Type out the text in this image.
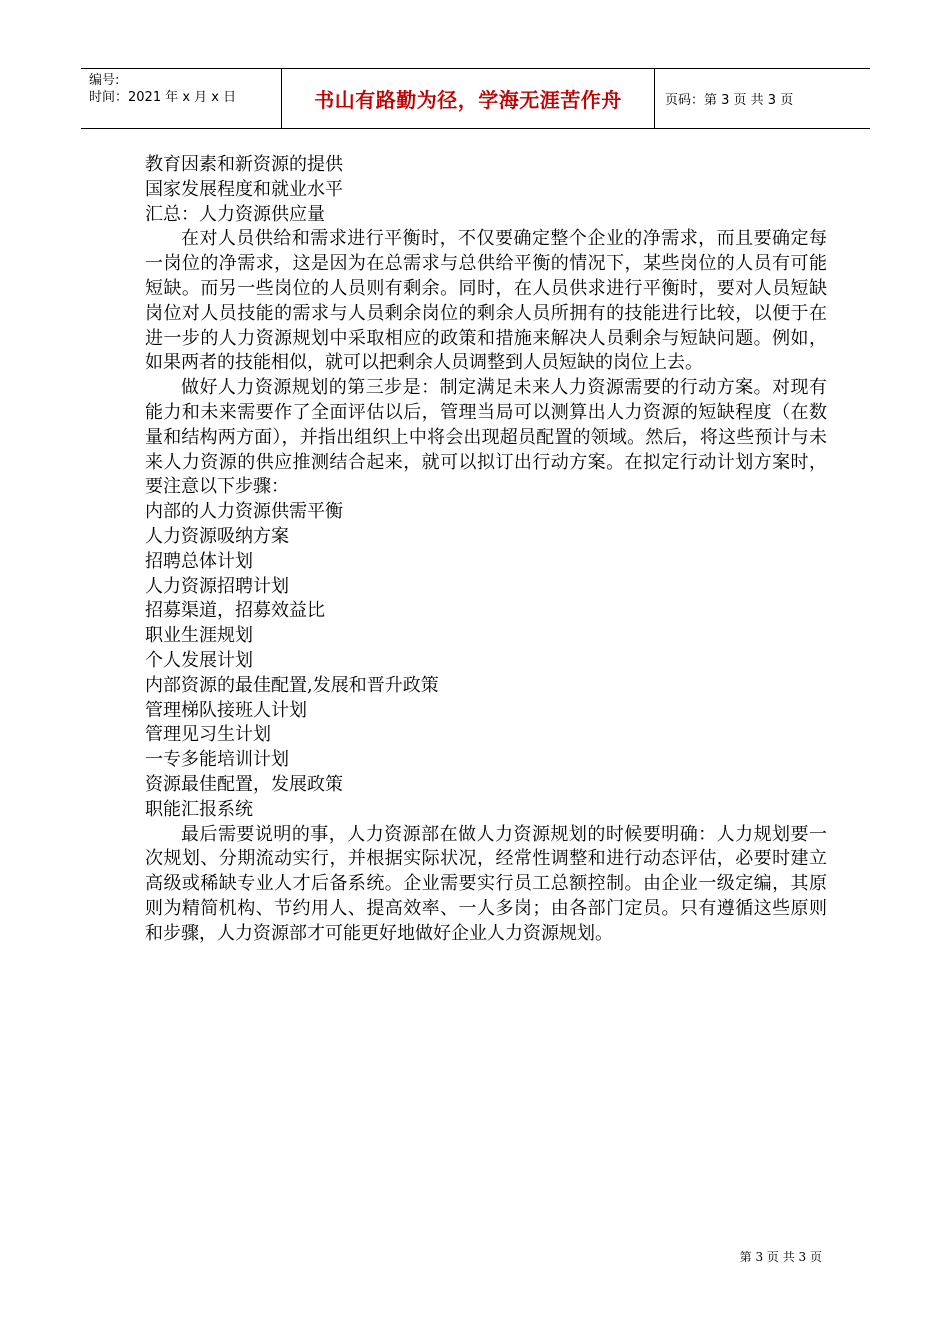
编号:
时间：2021 年 x 月 x 日	书山有路勤为径，学海无涯苦作舟	页码：第 3 页 共 3 页

教育因素和新资源的提供

国家发展程度和就业水平

汇总：人力资源供应量

在对人员供给和需求进行平衡时，不仅要确定整个企业的净需求，而且要确定每一岗位的净需求，这是因为在总需求与总供给平衡的情况下，某些岗位的人员有可能短缺。而另一些岗位的人员则有剩余。同时，在人员供求进行平衡时，要对人员短缺岗位对人员技能的需求与人员剩余岗位的剩余人员所拥有的技能进行比较，以便于在进一步的人力资源规划中采取相应的政策和措施来解决人员剩余与短缺问题。例如，如果两者的技能相似，就可以把剩余人员调整到人员短缺的岗位上去。

做好人力资源规划的第三步是：制定满足未来人力资源需要的行动方案。对现有能力和未来需要作了全面评估以后，管理当局可以测算出人力资源的短缺程度（在数量和结构两方面），并指出组织上中将会出现超员配置的领域。然后，将这些预计与未来人力资源的供应推测结合起来，就可以拟订出行动方案。在拟定行动计划方案时，要注意以下步骤：

内部的人力资源供需平衡

人力资源吸纳方案

招聘总体计划

人力资源招聘计划

招募渠道，招募效益比

职业生涯规划

个人发展计划

内部资源的最佳配置,发展和晋升政策

管理梯队接班人计划

管理见习生计划

一专多能培训计划

资源最佳配置，发展政策

职能汇报系统

最后需要说明的事，人力资源部在做人力资源规划的时候要明确：人力规划要一次规划、分期流动实行，并根据实际状况，经常性调整和进行动态评估，必要时建立高级或稀缺专业人才后备系统。企业需要实行员工总额控制。由企业一级定编，其原则为精简机构、节约用人、提高效率、一人多岗；由各部门定员。只有遵循这些原则和步骤，人力资源部才可能更好地做好企业人力资源规划。

第 3 页 共 3 页
